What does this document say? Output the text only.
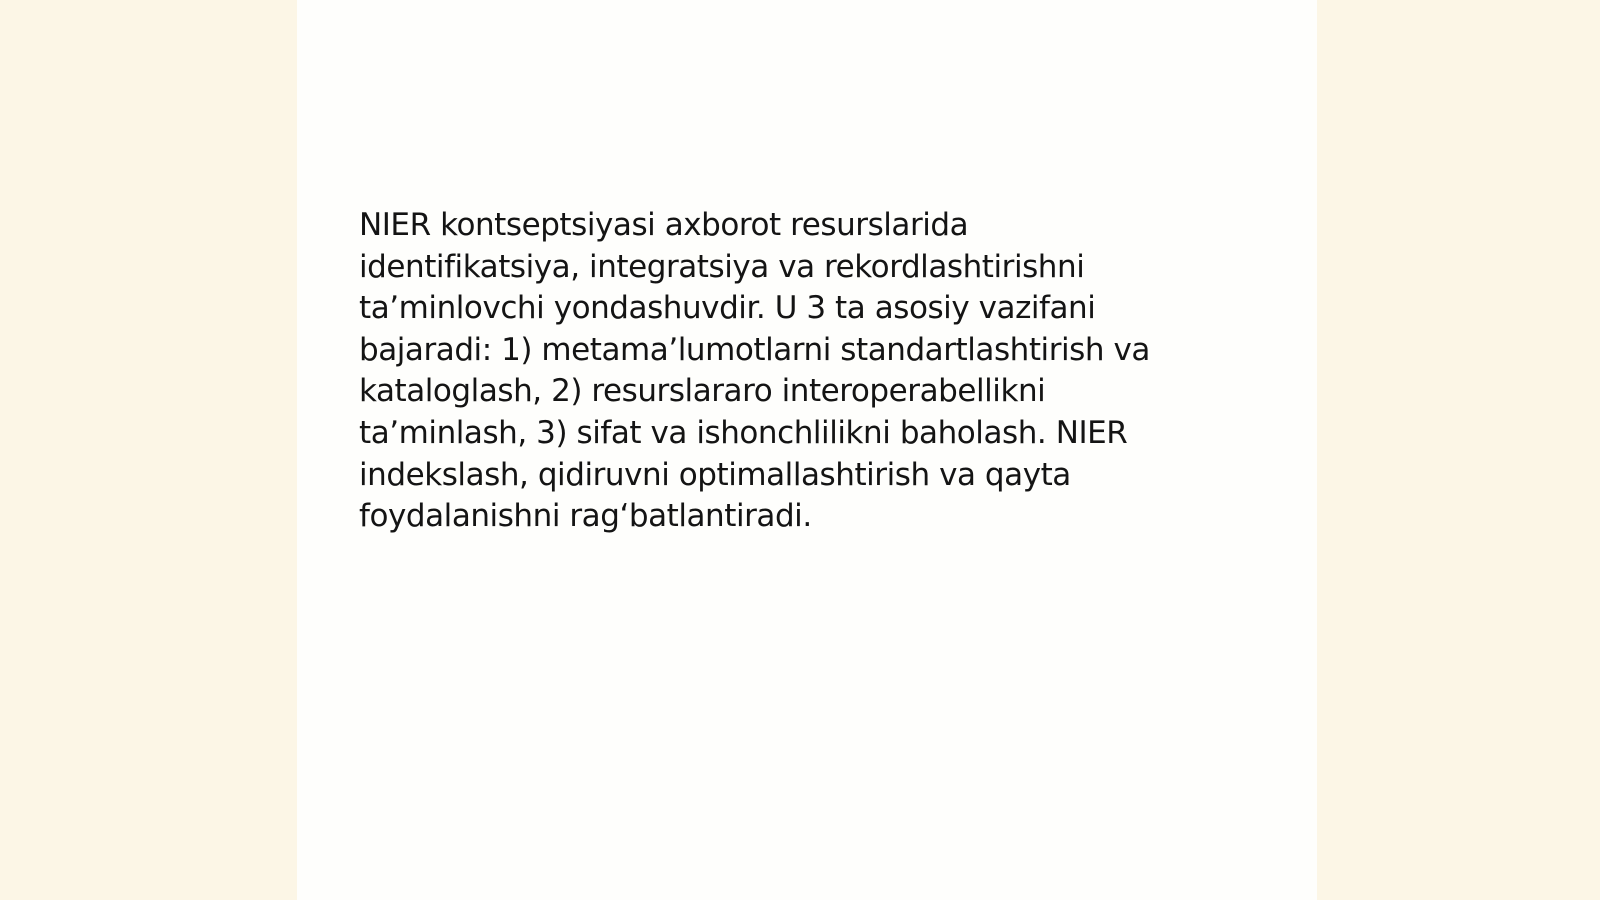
NIER kontseptsiyasi axborot resurslarida
identifikatsiya, integratsiya va rekordlashtirishni
ta’minlovchi yondashuvdir. U 3 ta asosiy vazifani
bajaradi: 1) metama’lumotlarni standartlashtirish va
kataloglash, 2) resurslararo interoperabellikni
ta’minlash, 3) sifat va ishonchlilikni baholash. NIER
indekslash, qidiruvni optimallashtirish va qayta
foydalanishni rag‘batlantiradi.
